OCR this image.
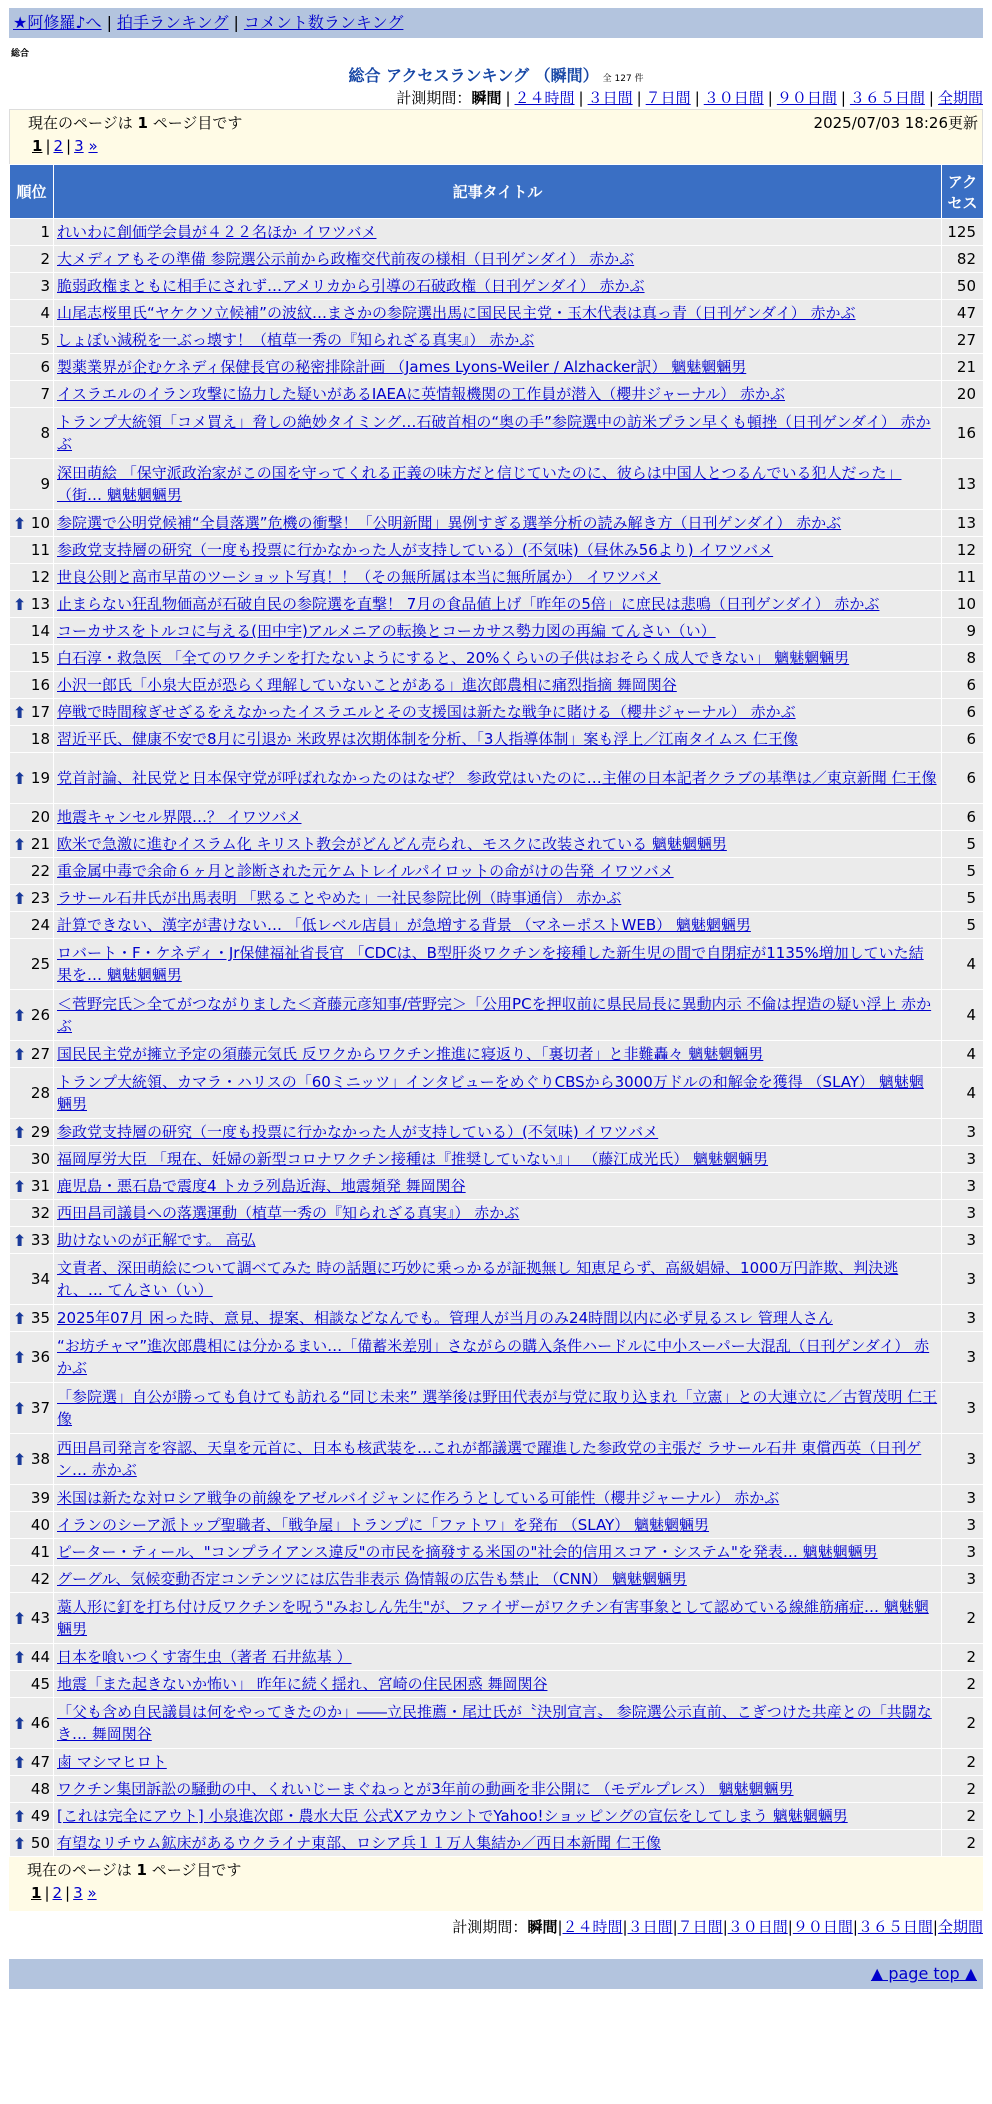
★阿修羅♪へ | 拍手ランキング | コメント数ランキング
総合
総合 アクセスランキング （瞬間） 全 127 件
計測期間：瞬間 | ２４時間 | ３日間 | ７日間 | ３０日間 | ９０日間 | ３６５日間 | 全期間
現在のページは 1 ページ目です	2025/07/03 18:26更新
1 | 2 | 3 »
順位	記事タイトル	アクセス
1	れいわに創価学会員が４２２名ほか イワツバメ	125
2	大メディアもその準備 参院選公示前から政権交代前夜の様相（日刊ゲンダイ） 赤かぶ	82
3	脆弱政権まともに相手にされず…アメリカから引導の石破政権（日刊ゲンダイ） 赤かぶ	50
4	山尾志桜里氏“ヤケクソ立候補”の波紋…まさかの参院選出馬に国民民主党・玉木代表は真っ青（日刊ゲンダイ） 赤かぶ	47
5	しょぼい減税を一ぶっ壊す！（植草一秀の『知られざる真実』） 赤かぶ	27
6	製薬業界が企むケネディ保健長官の秘密排除計画 （James Lyons-Weiler / Alzhacker訳） 魑魅魍魎男	21
7	イスラエルのイラン攻撃に協力した疑いがあるIAEAに英情報機関の工作員が潜入（櫻井ジャーナル） 赤かぶ	20
8	トランプ大統領「コメ買え」脅しの絶妙タイミング…石破首相の“奥の手”参院選中の訪米プラン早くも頓挫（日刊ゲンダイ） 赤かぶ	16
9	深田萌絵 「保守派政治家がこの国を守ってくれる正義の味方だと信じていたのに、彼らは中国人とつるんでいる犯人だった」（街… 魑魅魍魎男	13

⬆ 10	参院選で公明党候補“全員落選”危機の衝撃！「公明新聞」異例すぎる選挙分析の読み解き方（日刊ゲンダイ） 赤かぶ	13
11	参政党支持層の研究（一度も投票に行かなかった人が支持している）(不気味)（昼休み56より) イワツバメ	12
12	世良公則と高市早苗のツーショット写真！！（その無所属は本当に無所属か） イワツバメ	11

⬆ 13	止まらない狂乱物価高が石破自民の参院選を直撃！ 7月の食品値上げ「昨年の5倍」に庶民は悲鳴（日刊ゲンダイ） 赤かぶ	10
14	コーカサスをトルコに与える(田中宇)アルメニアの転換とコーカサス勢力図の再編 てんさい（い）	9
15	白石淳・救急医 「全てのワクチンを打たないようにすると、20%くらいの子供はおそらく成人できない」 魑魅魍魎男	8
16	小沢一郎氏「小泉大臣が恐らく理解していないことがある」進次郎農相に痛烈指摘 舞岡関谷	6

⬆ 17	停戦で時間稼ぎせざるをえなかったイスラエルとその支援国は新たな戦争に賭ける（櫻井ジャーナル） 赤かぶ	6
18	習近平氏、健康不安で8月に引退か 米政界は次期体制を分析、「3人指導体制」案も浮上／江南タイムス 仁王像	6

⬆ 19	党首討論、社民党と日本保守党が呼ばれなかったのはなぜ？ 参政党はいたのに…主催の日本記者クラブの基準は／東京新聞 仁王像	6
20	地震キャンセル界隈…？ イワツバメ	6

⬆ 21	欧米で急激に進むイスラム化 キリスト教会がどんどん売られ、モスクに改装されている 魑魅魍魎男	5
22	重金属中毒で余命６ヶ月と診断された元ケムトレイルパイロットの命がけの告発 イワツバメ	5

⬆ 23	ラサール石井氏が出馬表明 「黙ることやめた」一社民参院比例（時事通信） 赤かぶ	5
24	計算できない、漢字が書けない… 「低レベル店員」が急増する背景 （マネーポストWEB） 魑魅魍魎男	5
25	ロバート・F・ケネディ・Jr保健福祉省長官 「CDCは、B型肝炎ワクチンを接種した新生児の間で自閉症が1135%増加していた結果を… 魑魅魍魎男	4

⬆ 26	＜菅野完氏＞全てがつながりました＜斉藤元彦知事/菅野完＞「公用PCを押収前に県民局長に異動内示 不倫は捏造の疑い浮上 赤かぶ	4

⬆ 27	国民民主党が擁立予定の須藤元気氏 反ワクからワクチン推進に寝返り、「裏切者」と非難轟々 魑魅魍魎男	4
28	トランプ大統領、カマラ・ハリスの「60ミニッツ」インタビューをめぐりCBSから3000万ドルの和解金を獲得 （SLAY） 魑魅魍魎男	4

⬆ 29	参政党支持層の研究（一度も投票に行かなかった人が支持している）(不気味) イワツバメ	3
30	福岡厚労大臣 「現在、妊婦の新型コロナワクチン接種は『推奨していない』」 （藤江成光氏） 魑魅魍魎男	3

⬆ 31	鹿児島・悪石島で震度4 トカラ列島近海、地震頻発 舞岡関谷	3
32	西田昌司議員への落選運動（植草一秀の『知られざる真実』） 赤かぶ	3

⬆ 33	助けないのが正解です。 高弘	3
34	文責者、深田萌絵について調べてみた 時の話題に巧妙に乗っかるが証拠無し 知恵足らず、高級娼婦、1000万円詐欺、判決逃れ、… てんさい（い）	3

⬆ 35	2025年07月 困った時、意見、提案、相談などなんでも。管理人が当月のみ24時間以内に必ず見るスレ 管理人さん	3

⬆ 36	“お坊チャマ”進次郎農相には分かるまい…「備蓄米差別」さながらの購入条件ハードルに中小スーパー大混乱（日刊ゲンダイ） 赤かぶ	3

⬆ 37	「参院選」自公が勝っても負けても訪れる“同じ未来” 選挙後は野田代表が与党に取り込まれ「立憲」との大連立に／古賀茂明 仁王像	3

⬆ 38	西田昌司発言を容認、天皇を元首に、日本も核武装を…これが都議選で躍進した参政党の主張だ ラサール石井 東償西英（日刊ゲン… 赤かぶ	3
39	米国は新たな対ロシア戦争の前線をアゼルバイジャンに作ろうとしている可能性（櫻井ジャーナル） 赤かぶ	3
40	イランのシーア派トップ聖職者、「戦争屋」トランプに「ファトワ」を発布 （SLAY） 魑魅魍魎男	3
41	ピーター・ティール、"コンプライアンス違反"の市民を摘發する米国の"社会的信用スコア・システム"を発表… 魑魅魍魎男	3
42	グーグル、気候変動否定コンテンツには広告非表示 偽情報の広告も禁止 （CNN） 魑魅魍魎男	3

⬆ 43	藁人形に釘を打ち付け反ワクチンを呪う"みおしん先生"が、ファイザーがワクチン有害事象として認めている線維筋痛症… 魑魅魍魎男	2

⬆ 44	日本を喰いつくす寄生虫（著者 石井紘基 ）	2
45	地震「また起きないか怖い」 昨年に続く揺れ、宮崎の住民困惑 舞岡関谷	2

⬆ 46	「父も含め自民議員は何をやってきたのか」――立民推薦・尾辻氏が〝決別宣言〟 参院選公示直前、こぎつけた共産との「共闘なき… 舞岡関谷	2

⬆ 47	鹵 マシマヒロト	2
48	ワクチン集団訴訟の騒動の中、くれいじーまぐねっとが3年前の動画を非公開に （モデルプレス） 魑魅魍魎男	2

⬆ 49	[これは完全にアウト] 小泉進次郎・農水大臣 公式XアカウントでYahoo!ショッピングの宣伝をしてしまう 魑魅魍魎男	2

⬆ 50	有望なリチウム鉱床があるウクライナ東部、ロシア兵１１万人集結か／西日本新聞 仁王像	2
現在のページは 1 ページ目です
1 | 2 | 3 »
計測期間：瞬間|２４時間|３日間|７日間|３０日間|９０日間|３６５日間|全期間
▲ page top ▲
